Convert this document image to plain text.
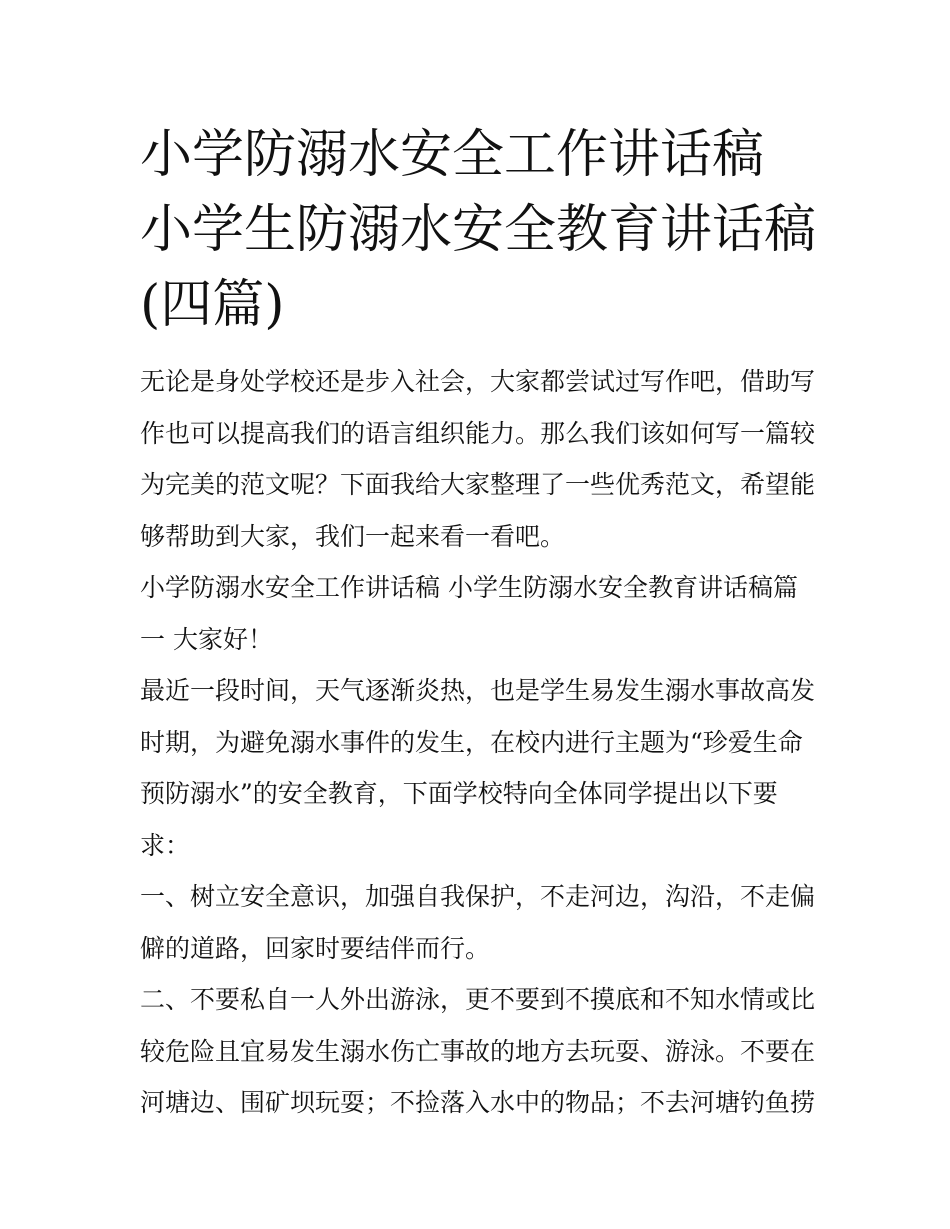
小学防溺水安全工作讲话稿 小学生防溺水安全教育讲话稿(四篇)

无论是身处学校还是步入社会，大家都尝试过写作吧，借助写作也可以提高我们的语言组织能力。那么我们该如何写一篇较为完美的范文呢？下面我给大家整理了一些优秀范文，希望能够帮助到大家，我们一起来看一看吧。

小学防溺水安全工作讲话稿 小学生防溺水安全教育讲话稿篇一 大家好！

最近一段时间，天气逐渐炎热，也是学生易发生溺水事故高发时期，为避免溺水事件的发生，在校内进行主题为“珍爱生命 预防溺水”的安全教育，下面学校特向全体同学提出以下要求：

一、树立安全意识，加强自我保护，不走河边，沟沿，不走偏僻的道路，回家时要结伴而行。

二、不要私自一人外出游泳，更不要到不摸底和不知水情或比较危险且宜易发生溺水伤亡事故的地方去玩耍、游泳。不要在河塘边、围矿坝玩耍；不捡落入水中的物品；不去河塘钓鱼捞
